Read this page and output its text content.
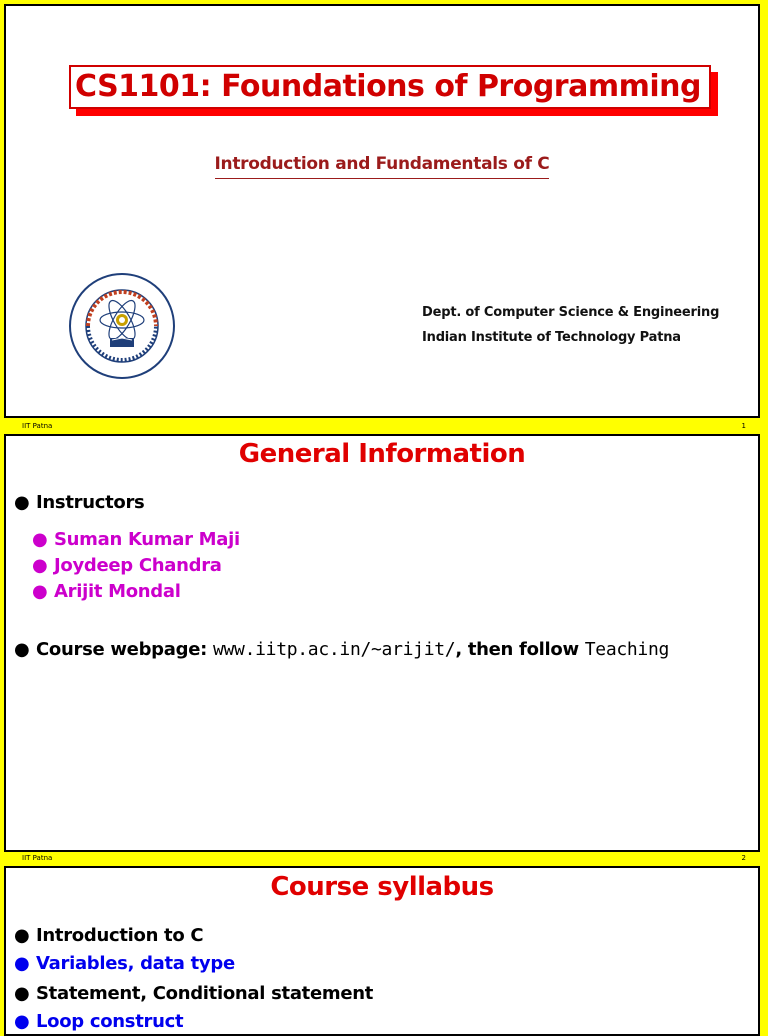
CS1101: Foundations of Programming
Introduction and Fundamentals of C
Dept. of Computer Science & Engineering
Indian Institute of Technology Patna
IIT Patna	1
General Information
● Instructors
● Suman Kumar Maji
● Joydeep Chandra
● Arijit Mondal
● Course webpage: www.iitp.ac.in/~arijit/, then follow Teaching
IIT Patna	2
Course syllabus
● Introduction to C
● Variables, data type
● Statement, Conditional statement
● Loop construct
